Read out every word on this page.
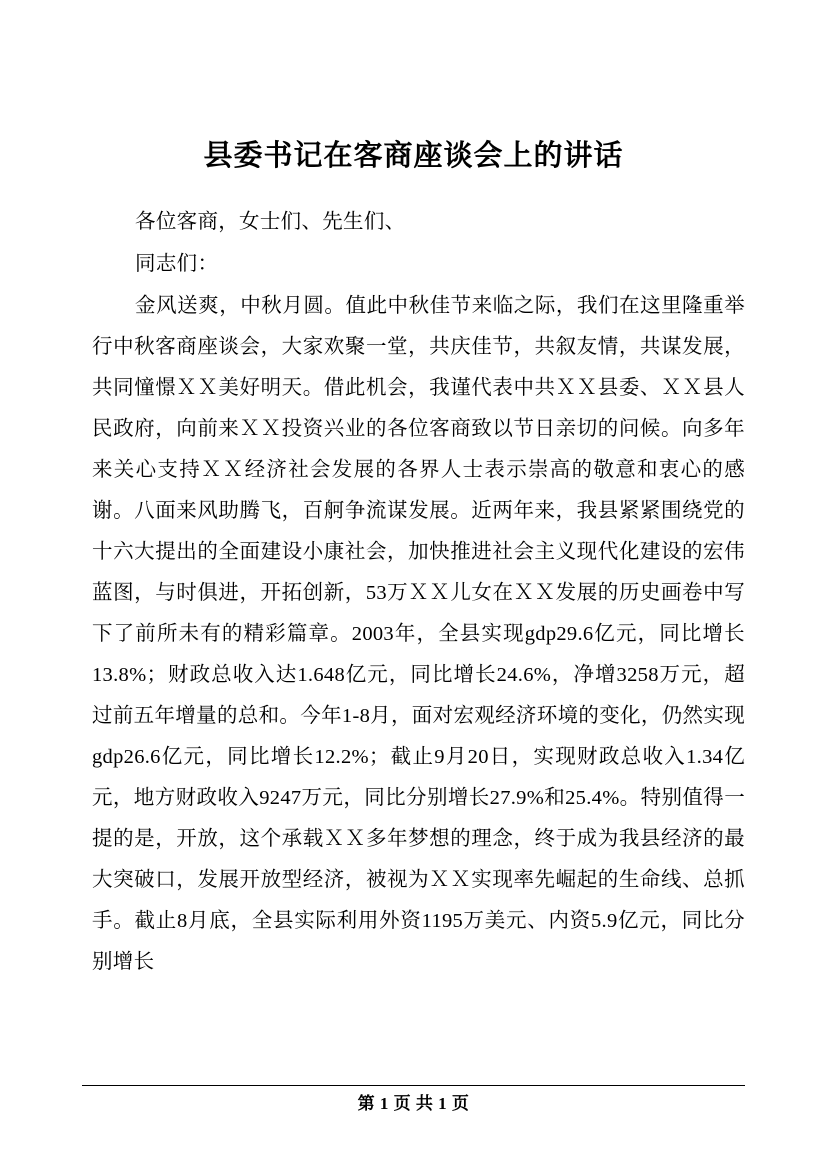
县委书记在客商座谈会上的讲话

各位客商，女士们、先生们、

同志们：

金风送爽，中秋月圆。值此中秋佳节来临之际，我们在这里隆重举行中秋客商座谈会，大家欢聚一堂，共庆佳节，共叙友情，共谋发展，共同憧憬ＸＸ美好明天。借此机会，我谨代表中共ＸＸ县委、ＸＸ县人民政府，向前来ＸＸ投资兴业的各位客商致以节日亲切的问候。向多年来关心支持ＸＸ经济社会发展的各界人士表示崇高的敬意和衷心的感谢。八面来风助腾飞，百舸争流谋发展。近两年来，我县紧紧围绕党的十六大提出的全面建设小康社会，加快推进社会主义现代化建设的宏伟蓝图，与时俱进，开拓创新，53万ＸＸ儿女在ＸＸ发展的历史画卷中写下了前所未有的精彩篇章。2003年，全县实现gdp29.6亿元，同比增长13.8%；财政总收入达1.648亿元，同比增长24.6%，净增3258万元，超过前五年增量的总和。今年1-8月，面对宏观经济环境的变化，仍然实现gdp26.6亿元，同比增长12.2%；截止9月20日，实现财政总收入1.34亿元，地方财政收入9247万元，同比分别增长27.9%和25.4%。特别值得一提的是，开放，这个承载ＸＸ多年梦想的理念，终于成为我县经济的最大突破口，发展开放型经济，被视为ＸＸ实现率先崛起的生命线、总抓手。截止8月底，全县实际利用外资1195万美元、内资5.9亿元，同比分别增长

第 1 页 共 1 页
